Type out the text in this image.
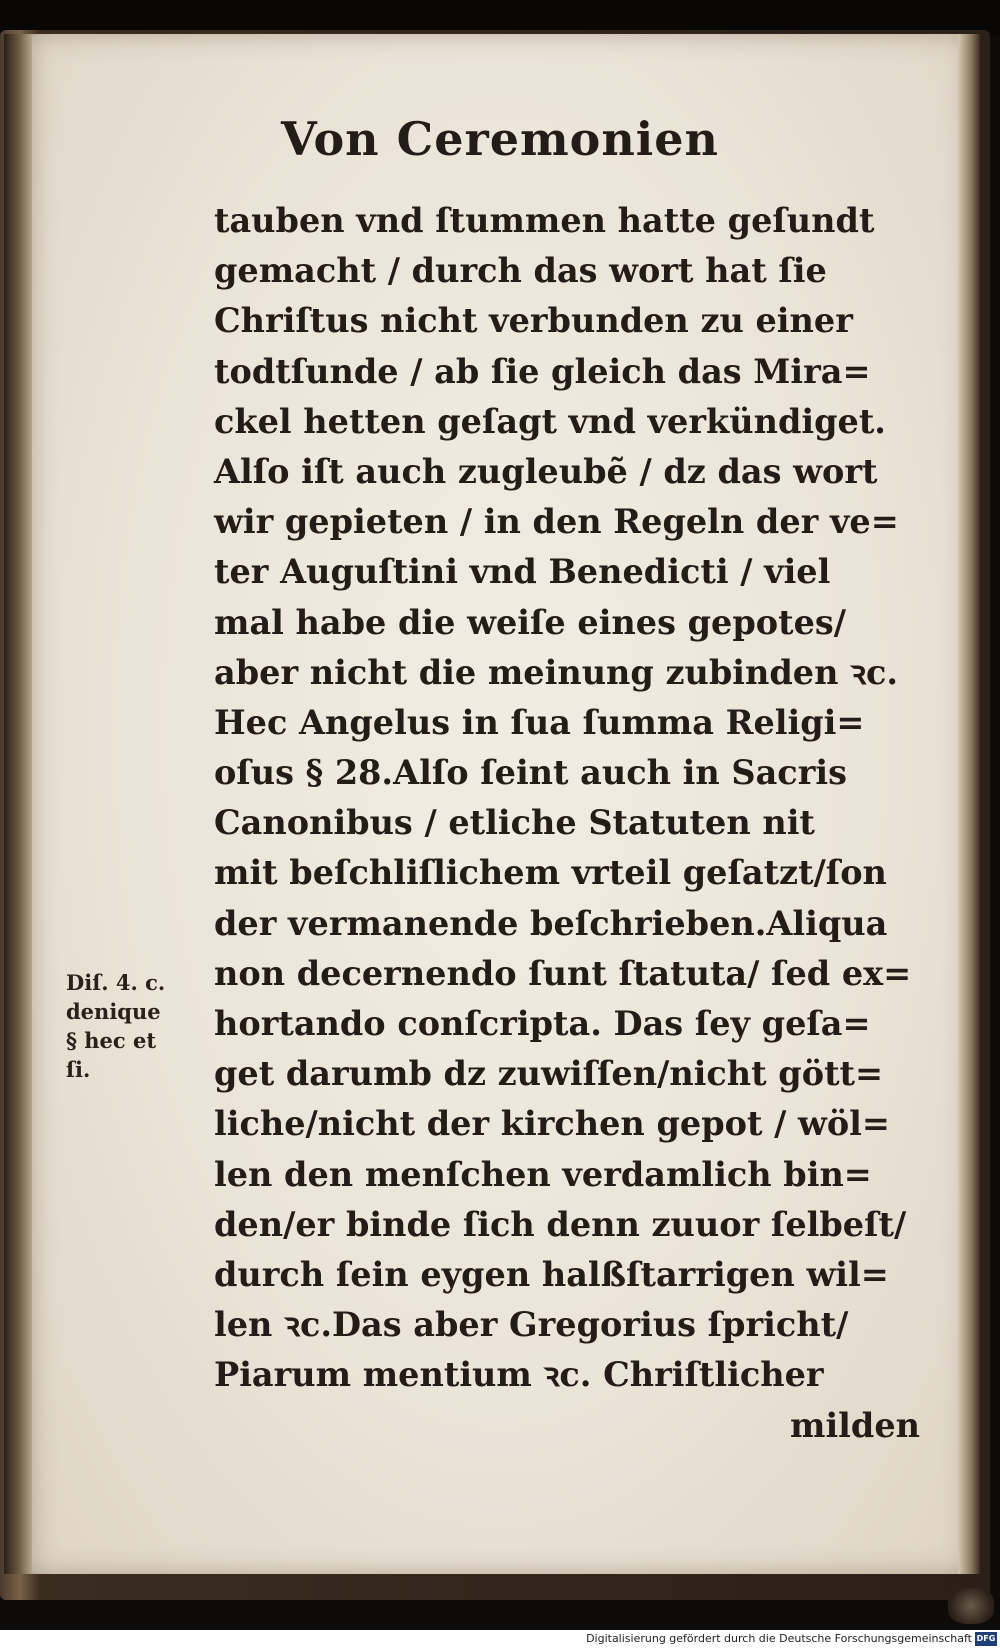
Von Ceremonien
tauben vnd ſtummen hatte geſundt
gemacht / durch das wort hat ſie
Chriſtus nicht verbunden zu einer
todtſunde / ab ſie gleich das Mira=
ckel hetten geſagt vnd verkündiget.
Alſo iſt auch zugleubẽ / dz das wort
wir gepieten / in den Regeln der ve=
ter Auguſtini vnd Benedicti / viel
mal habe die weiſe eines gepotes/
aber nicht die meinung zubinden ꝛc.
Hec Angelus in ſua ſumma Religi=
oſus § 28.Alſo ſeint auch in Sacris
Canonibus / etliche Statuten nit
mit beſchliſlichem vrteil geſatzt/ſon
der vermanende beſchrieben.Aliqua
non decernendo ſunt ſtatuta/ ſed ex=
hortando conſcripta. Das ſey geſa=
get darumb dz zuwiſſen/nicht gött=
liche/nicht der kirchen gepot / wöl=
len den menſchen verdamlich bin=
den/er binde ſich denn zuuor ſelbeſt/
durch ſein eygen halßſtarrigen wil=
len ꝛc.Das aber Gregorius ſpricht/
Piarum mentium ꝛc. Chriſtlicher
milden
Diſ. 4. c.
denique
§ hec et
ſi.
Digitalisierung gefördert durch die Deutsche Forschungsgemeinschaft DFG
